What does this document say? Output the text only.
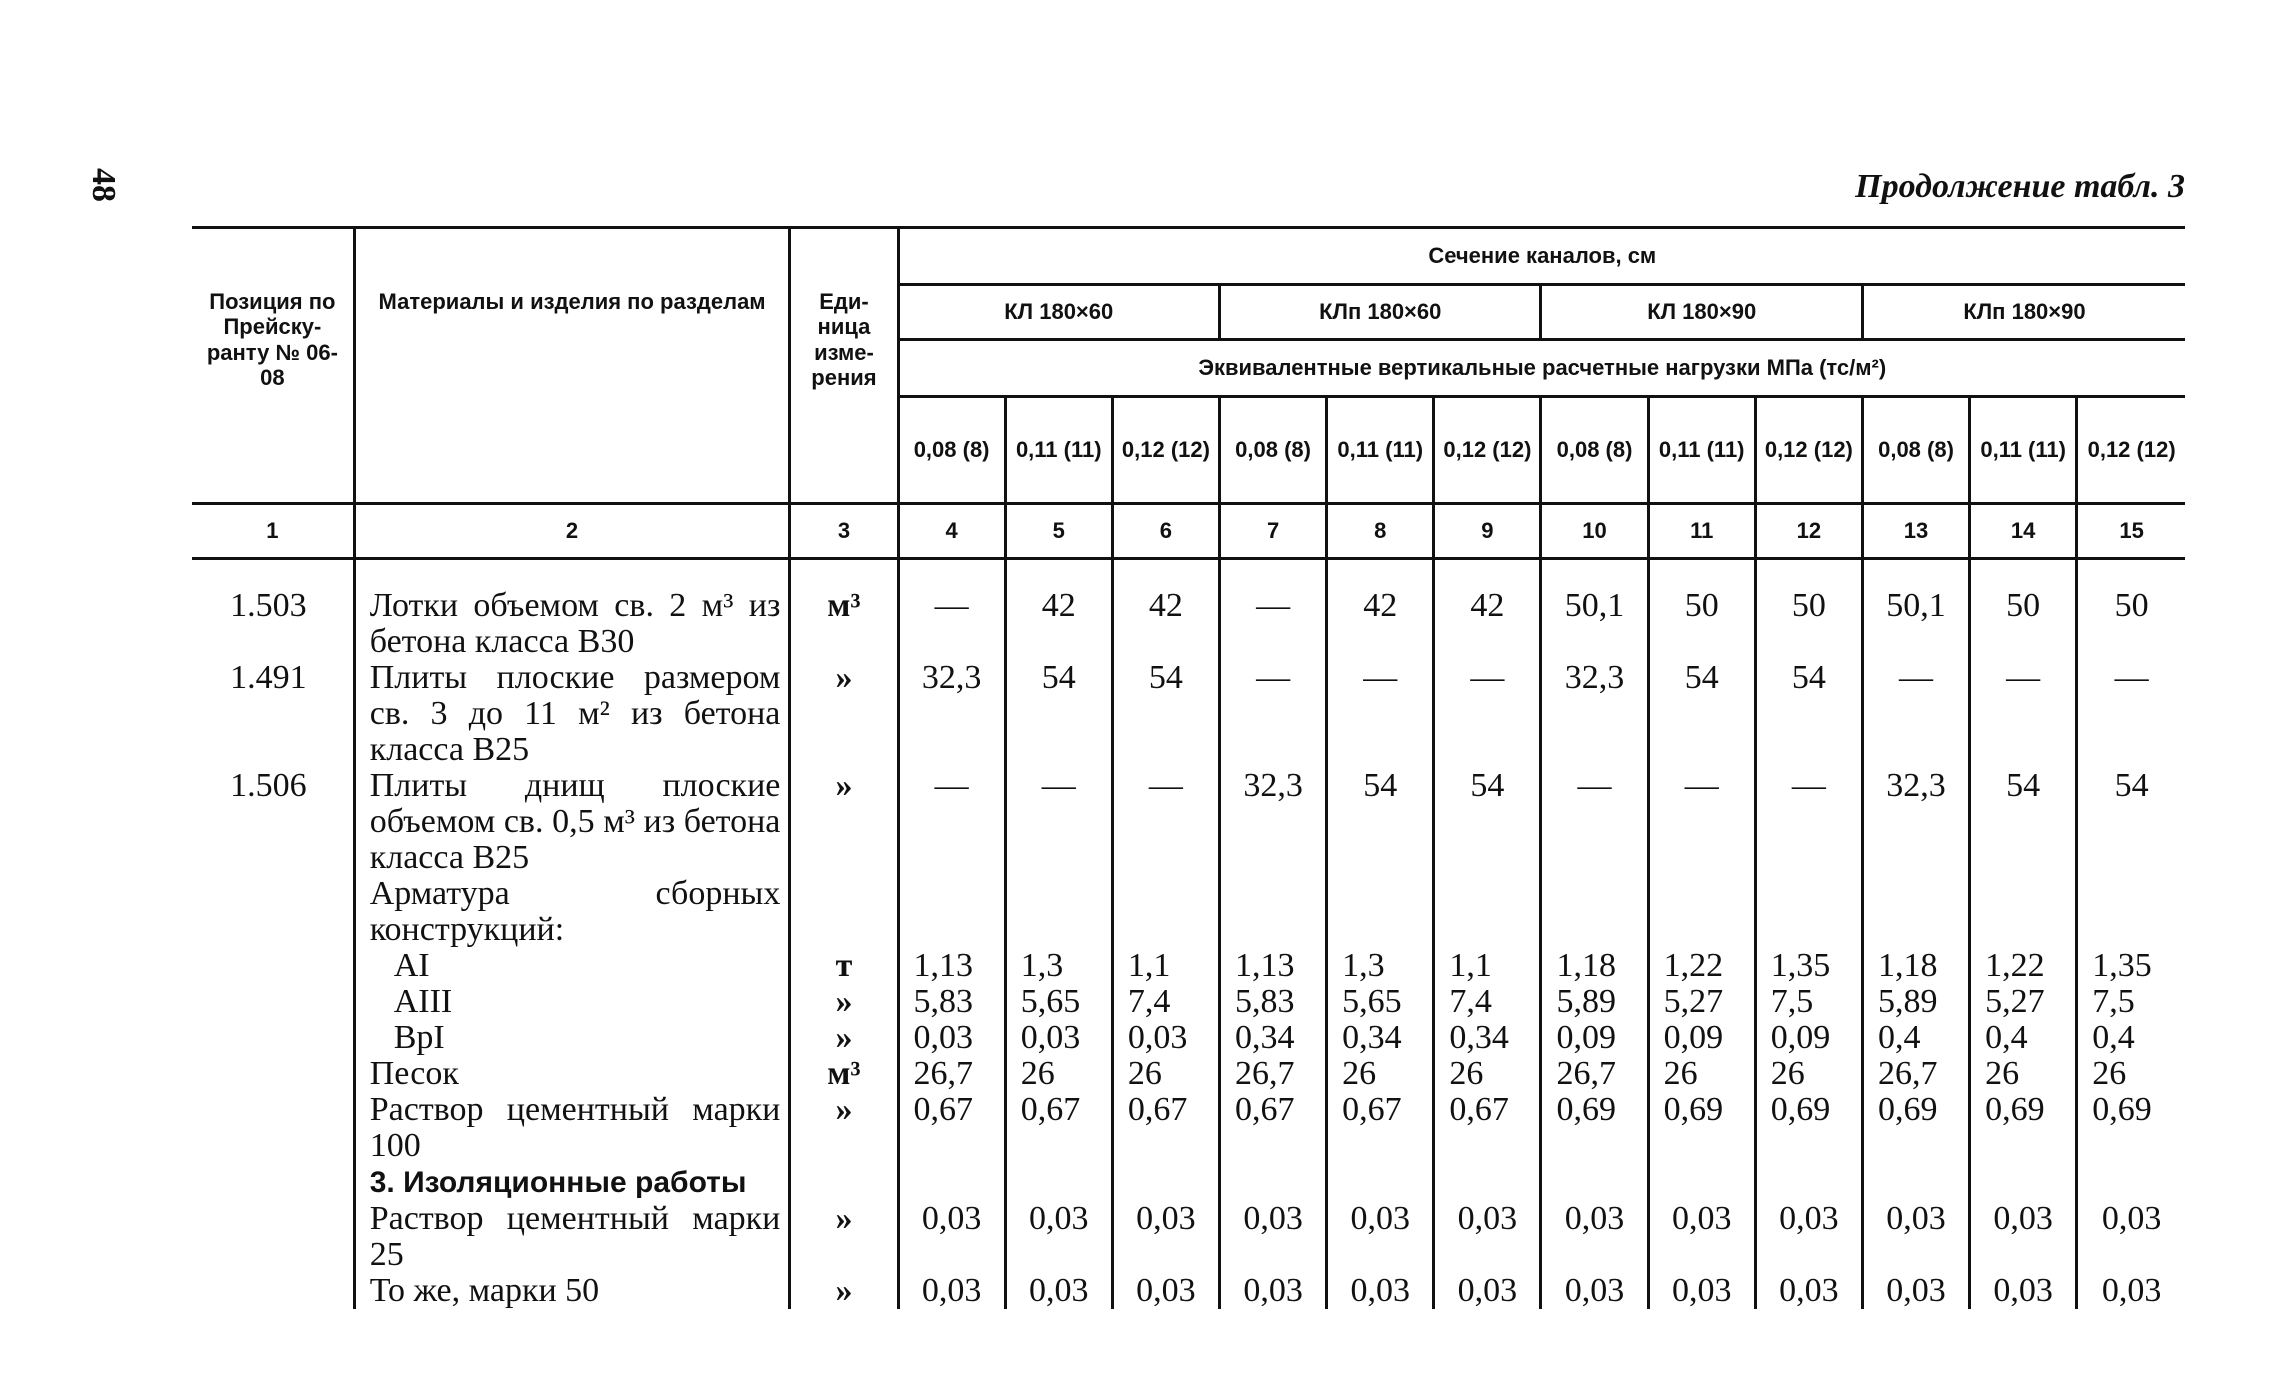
48	Продолжение табл. 3
Позиция по Прейску-ранту № 06-08	Материалы и изделия по разделам	Еди-ница изме-рения	Сечение каналов, см											
			КЛ 180×60			КЛп 180×60			КЛ 180×90			КЛп 180×90		
			Эквивалентные вертикальные расчетные нагрузки МПа (тс/м²)											
			0,08 (8)	0,11 (11)	0,12 (12)	0,08 (8)	0,11 (11)	0,12 (12)	0,08 (8)	0,11 (11)	0,12 (12)	0,08 (8)	0,11 (11)	0,12 (12)
1	2	3	4	5	6	7	8	9	10	11	12	13	14	15

1.503	Лотки объемом св. 2 м³ из бетона класса В30	м³	—	42	42	—	42	42	50,1	50	50	50,1	50	50
1.491	Плиты плоские размером св. 3 до 11 м² из бетона класса В25	»	32,3	54	54	—	—	—	32,3	54	54	—	—	—
1.506	Плиты днищ плоские объемом св. 0,5 м³ из бетона класса В25	»	—	—	—	32,3	54	54	—	—	—	32,3	54	54
	Арматура сборных конструкций:													

	AI	т	1,13	1,3	1,1	1,13	1,3	1,1	1,18	1,22	1,35	1,18	1,22	1,35

	AIII	»	5,83	5,65	7,4	5,83	5,65	7,4	5,89	5,27	7,5	5,89	5,27	7,5

	BpI	»	0,03	0,03	0,03	0,34	0,34	0,34	0,09	0,09	0,09	0,4	0,4	0,4
	Песок	м³	26,7	26	26	26,7	26	26	26,7	26	26	26,7	26	26
	Раствор цементный марки 100	»	0,67	0,67	0,67	0,67	0,67	0,67	0,69	0,69	0,69	0,69	0,69	0,69
	3. Изоляционные работы													
	Раствор цементный марки 25	»	0,03	0,03	0,03	0,03	0,03	0,03	0,03	0,03	0,03	0,03	0,03	0,03
	То же, марки 50	»	0,03	0,03	0,03	0,03	0,03	0,03	0,03	0,03	0,03	0,03	0,03	0,03
